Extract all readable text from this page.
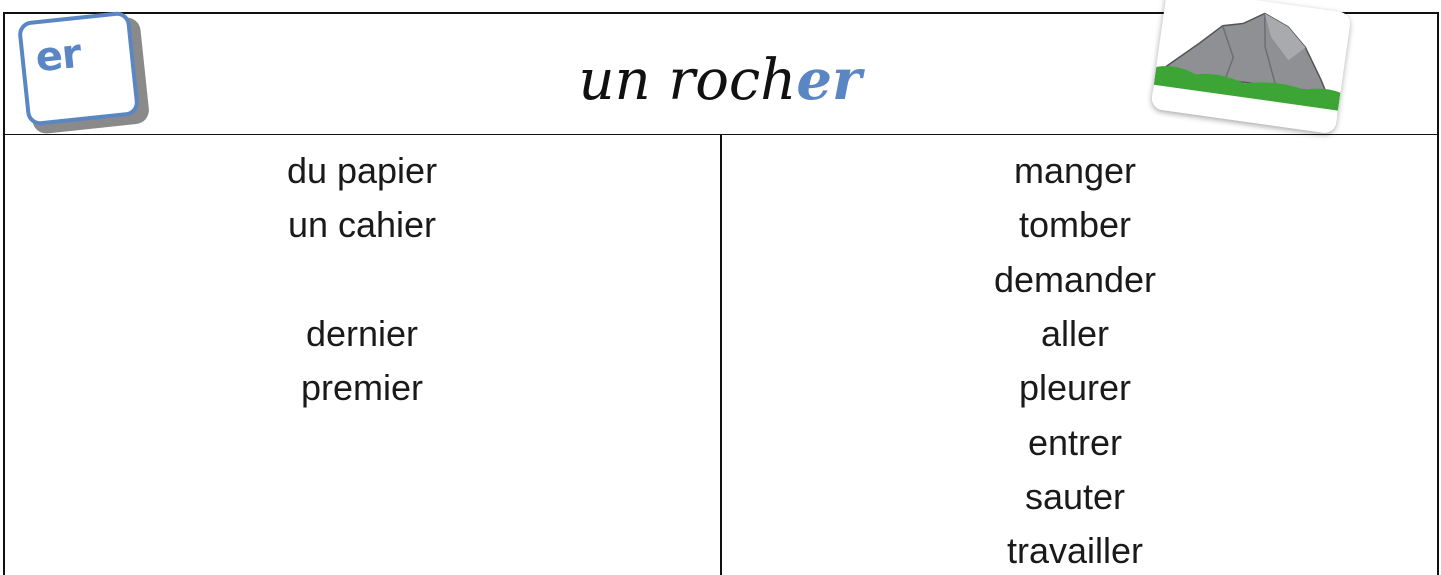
er	un rocher
du papier
un cahier
dernier
premier
manger
tomber
demander
aller
pleurer
entrer
sauter
travailler
